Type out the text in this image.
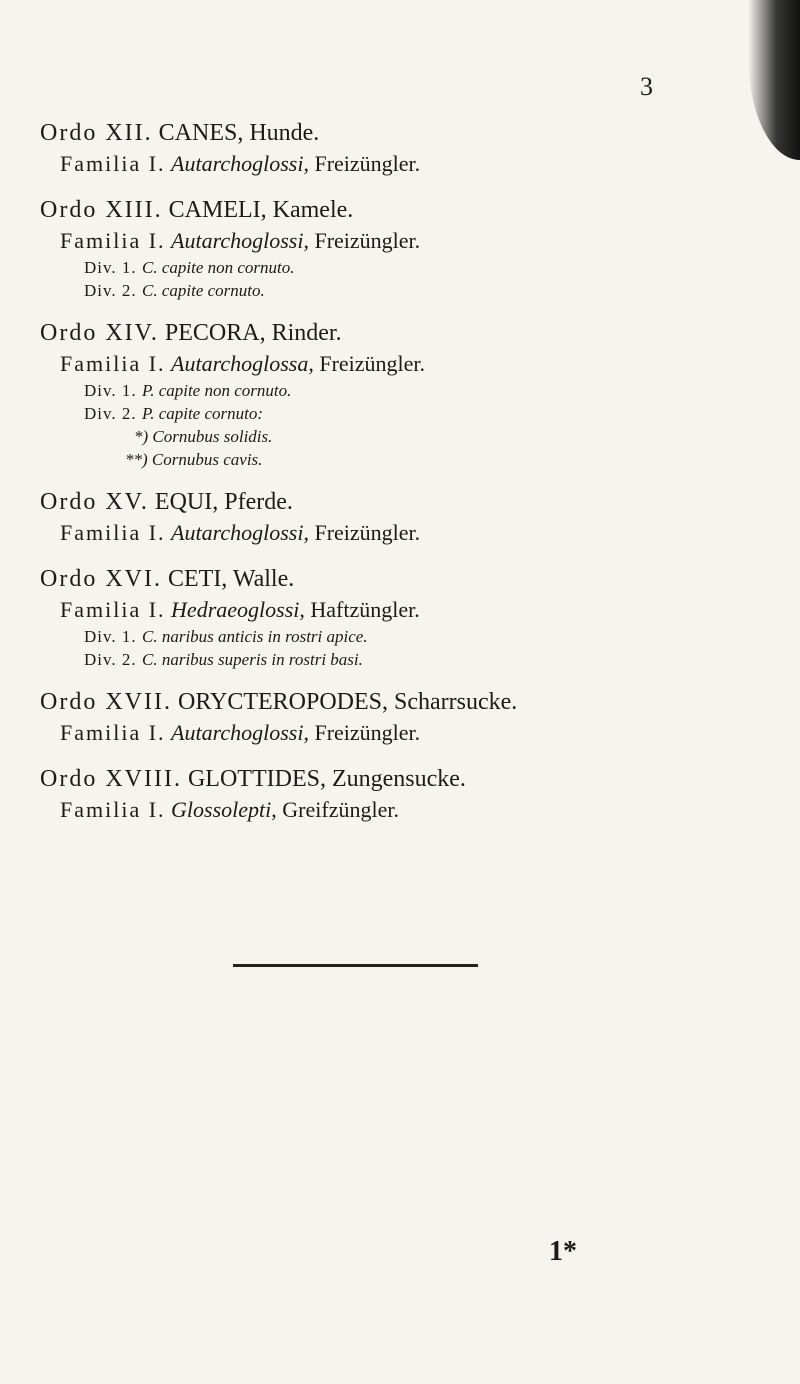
3
Ordo XII. CANES, Hunde.
Familia I. Autarchoglossi, Freizüngler.
Ordo XIII. CAMELI, Kamele.
Familia I. Autarchoglossi, Freizüngler.
Div. 1. C. capite non cornuto.
Div. 2. C. capite cornuto.
Ordo XIV. PECORA, Rinder.
Familia I. Autarchoglossa, Freizüngler.
Div. 1. P. capite non cornuto.
Div. 2. P. capite cornuto:
*) Cornubus solidis.
**) Cornubus cavis.
Ordo XV. EQUI, Pferde.
Familia I. Autarchoglossi, Freizüngler.
Ordo XVI. CETI, Walle.
Familia I. Hedraeoglossi, Haftzüngler.
Div. 1. C. naribus anticis in rostri apice.
Div. 2. C. naribus superis in rostri basi.
Ordo XVII. ORYCTEROPODES, Scharrsucke.
Familia I. Autarchoglossi, Freizüngler.
Ordo XVIII. GLOTTIDES, Zungensucke.
Familia I. Glossolepti, Greifzüngler.
1*
